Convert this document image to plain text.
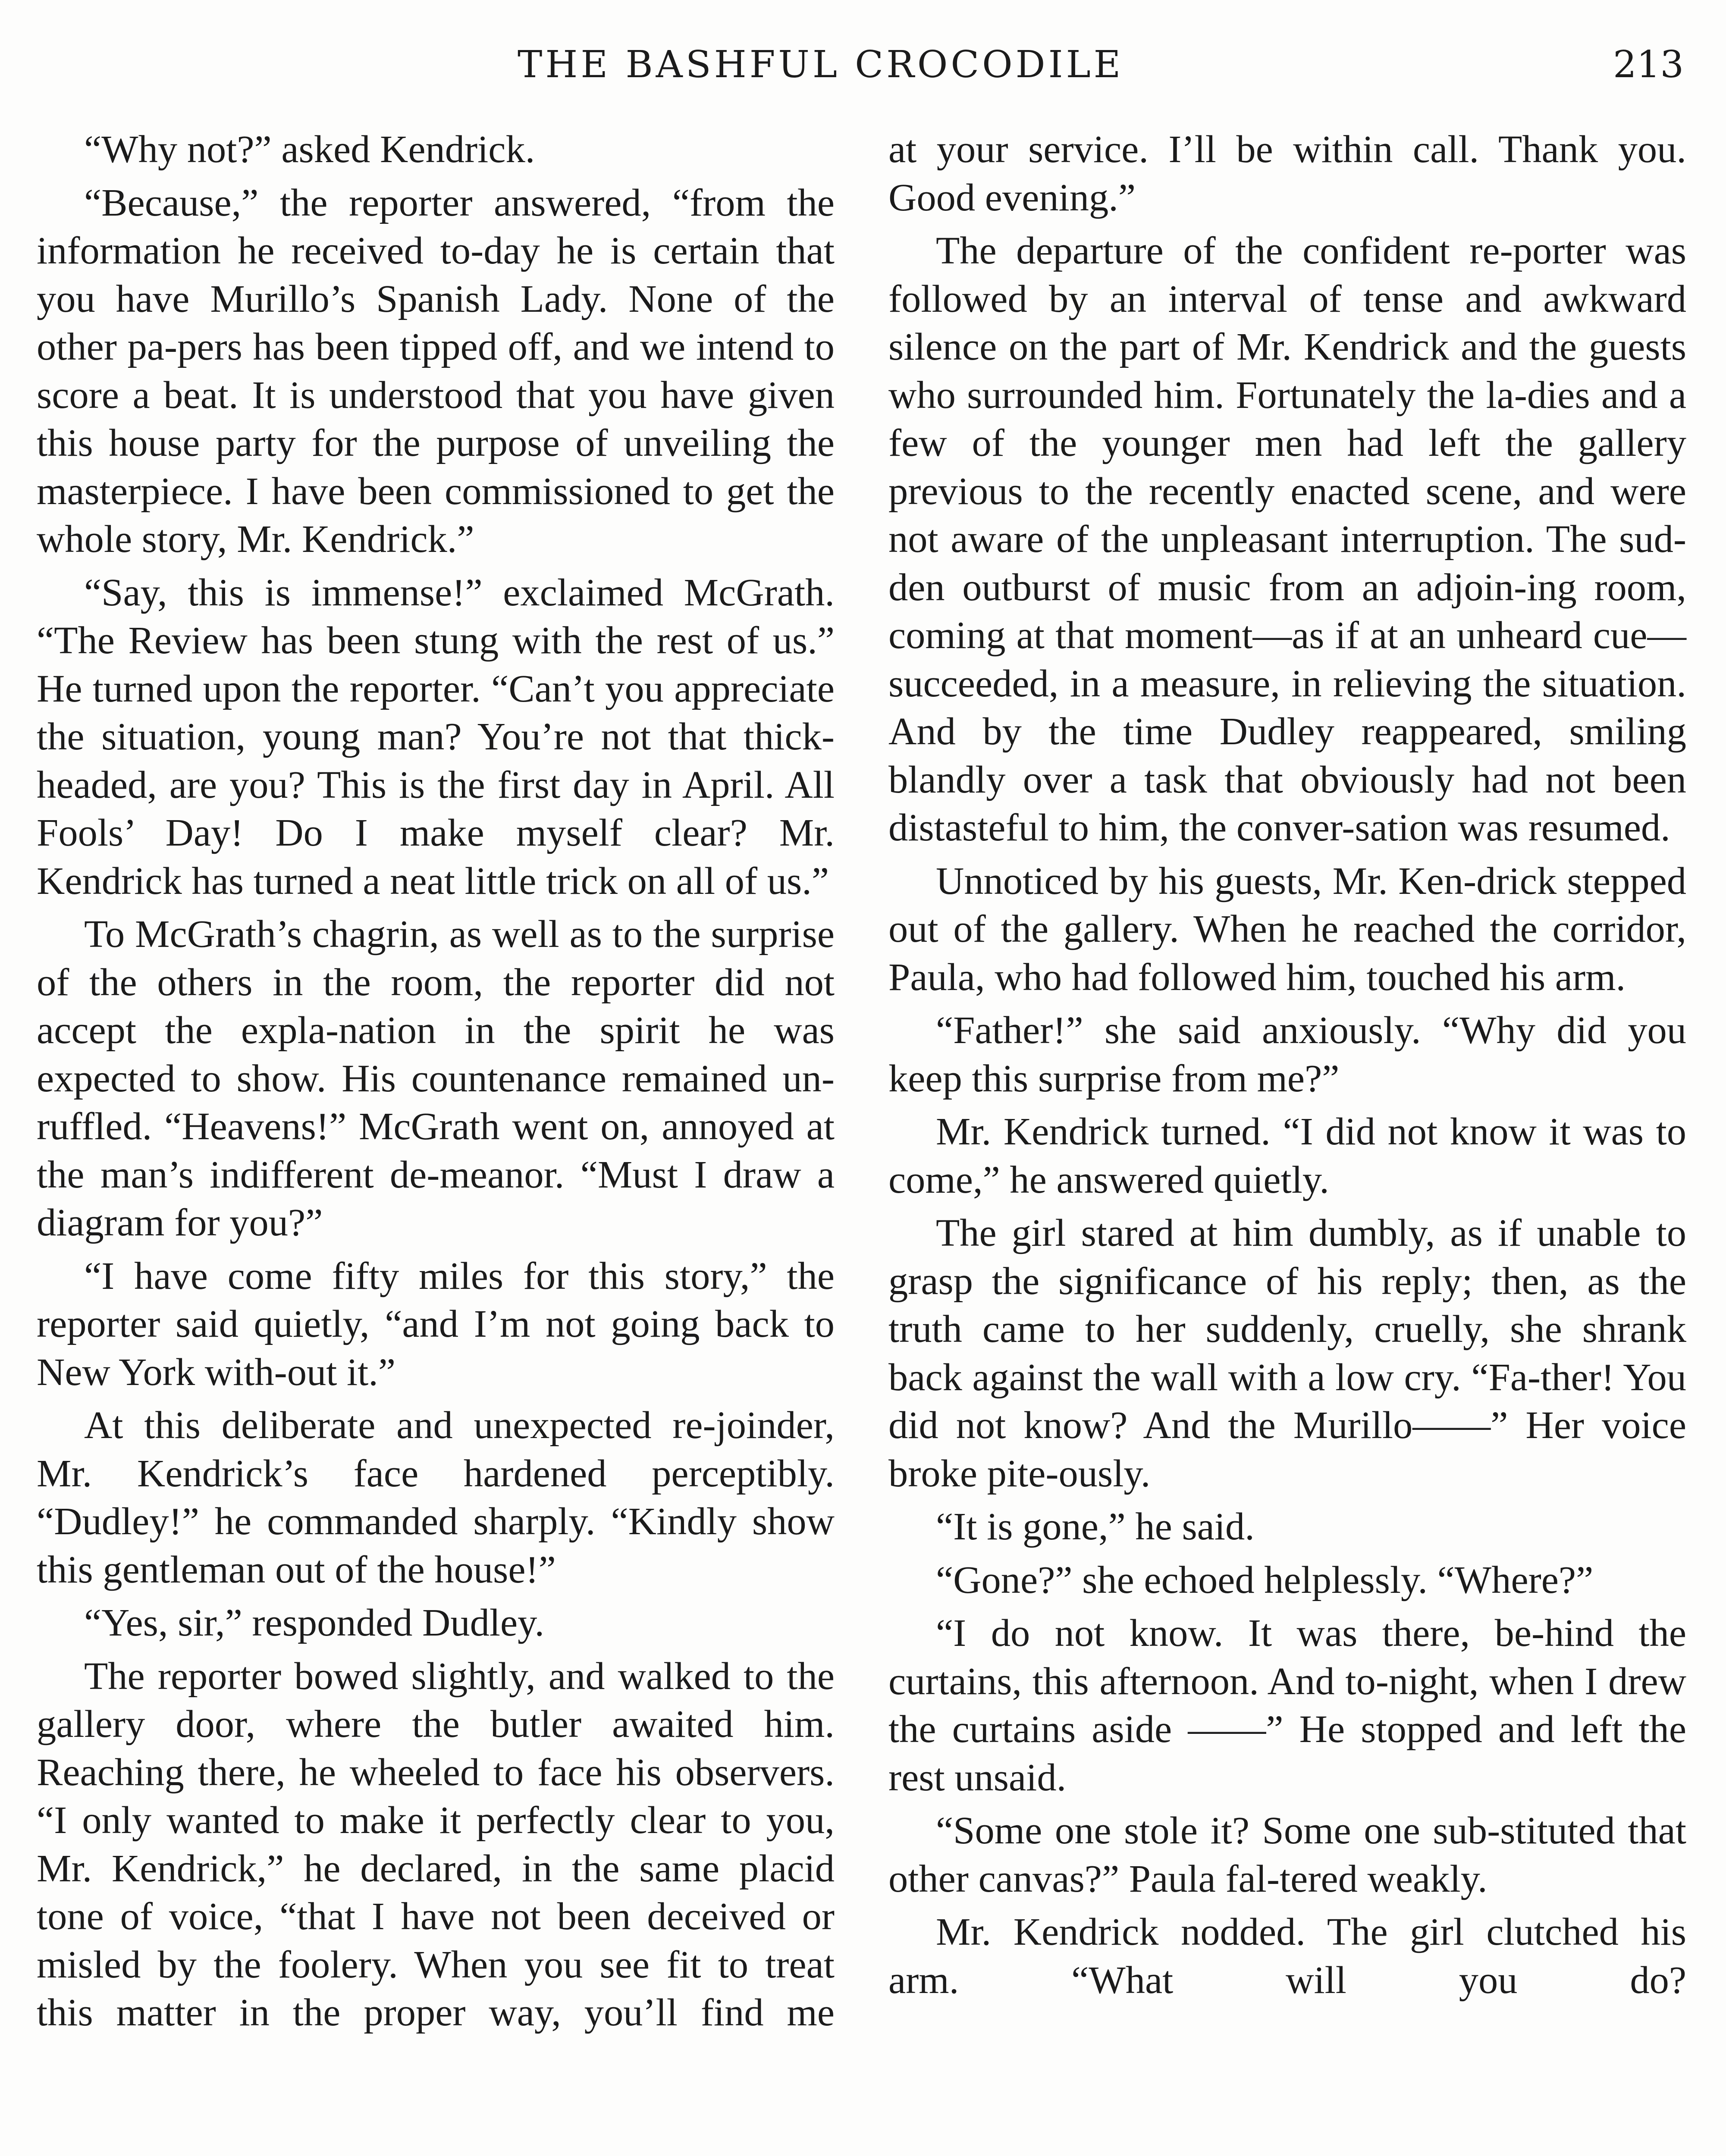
THE BASHFUL CROCODILE	213

“Why not?” asked Kendrick.

“Because,” the reporter answered, “from the information he received to-day he is certain that you have Murillo’s Spanish Lady. None of the other pa-pers has been tipped off, and we intend to score a beat. It is understood that you have given this house party for the purpose of unveiling the masterpiece. I have been commissioned to get the whole story, Mr. Kendrick.”

“Say, this is immense!” exclaimed McGrath. “The Review has been stung with the rest of us.” He turned upon the reporter. “Can’t you appreciate the situation, young man? You’re not that thick-headed, are you? This is the first day in April. All Fools’ Day! Do I make myself clear? Mr. Kendrick has turned a neat little trick on all of us.”

To McGrath’s chagrin, as well as to the surprise of the others in the room, the reporter did not accept the expla-nation in the spirit he was expected to show. His countenance remained un-ruffled. “Heavens!” McGrath went on, annoyed at the man’s indifferent de-meanor. “Must I draw a diagram for you?”

“I have come fifty miles for this story,” the reporter said quietly, “and I’m not going back to New York with-out it.”

At this deliberate and unexpected re-joinder, Mr. Kendrick’s face hardened perceptibly. “Dudley!” he commanded sharply. “Kindly show this gentleman out of the house!”

“Yes, sir,” responded Dudley.

The reporter bowed slightly, and walked to the gallery door, where the butler awaited him. Reaching there, he wheeled to face his observers. “I only wanted to make it perfectly clear to you, Mr. Kendrick,” he declared, in the same placid tone of voice, “that I have not been deceived or misled by the foolery. When you see fit to treat this matter in the proper way, you’ll find me

at your service. I’ll be within call. Thank you. Good evening.”

The departure of the confident re-porter was followed by an interval of tense and awkward silence on the part of Mr. Kendrick and the guests who surrounded him. Fortunately the la-dies and a few of the younger men had left the gallery previous to the recently enacted scene, and were not aware of the unpleasant interruption. The sud-den outburst of music from an adjoin-ing room, coming at that moment—as if at an unheard cue—succeeded, in a measure, in relieving the situation. And by the time Dudley reappeared, smiling blandly over a task that obviously had not been distasteful to him, the conver-sation was resumed.

Unnoticed by his guests, Mr. Ken-drick stepped out of the gallery. When he reached the corridor, Paula, who had followed him, touched his arm.

“Father!” she said anxiously. “Why did you keep this surprise from me?”

Mr. Kendrick turned. “I did not know it was to come,” he answered quietly.

The girl stared at him dumbly, as if unable to grasp the significance of his reply; then, as the truth came to her suddenly, cruelly, she shrank back against the wall with a low cry. “Fa-ther! You did not know? And the Murillo——” Her voice broke pite-ously.

“It is gone,” he said.

“Gone?” she echoed helplessly. “Where?”

“I do not know. It was there, be-hind the curtains, this afternoon. And to-night, when I drew the curtains aside ——” He stopped and left the rest unsaid.

“Some one stole it? Some one sub-stituted that other canvas?” Paula fal-tered weakly.

Mr. Kendrick nodded. The girl clutched his arm. “What will you do?
